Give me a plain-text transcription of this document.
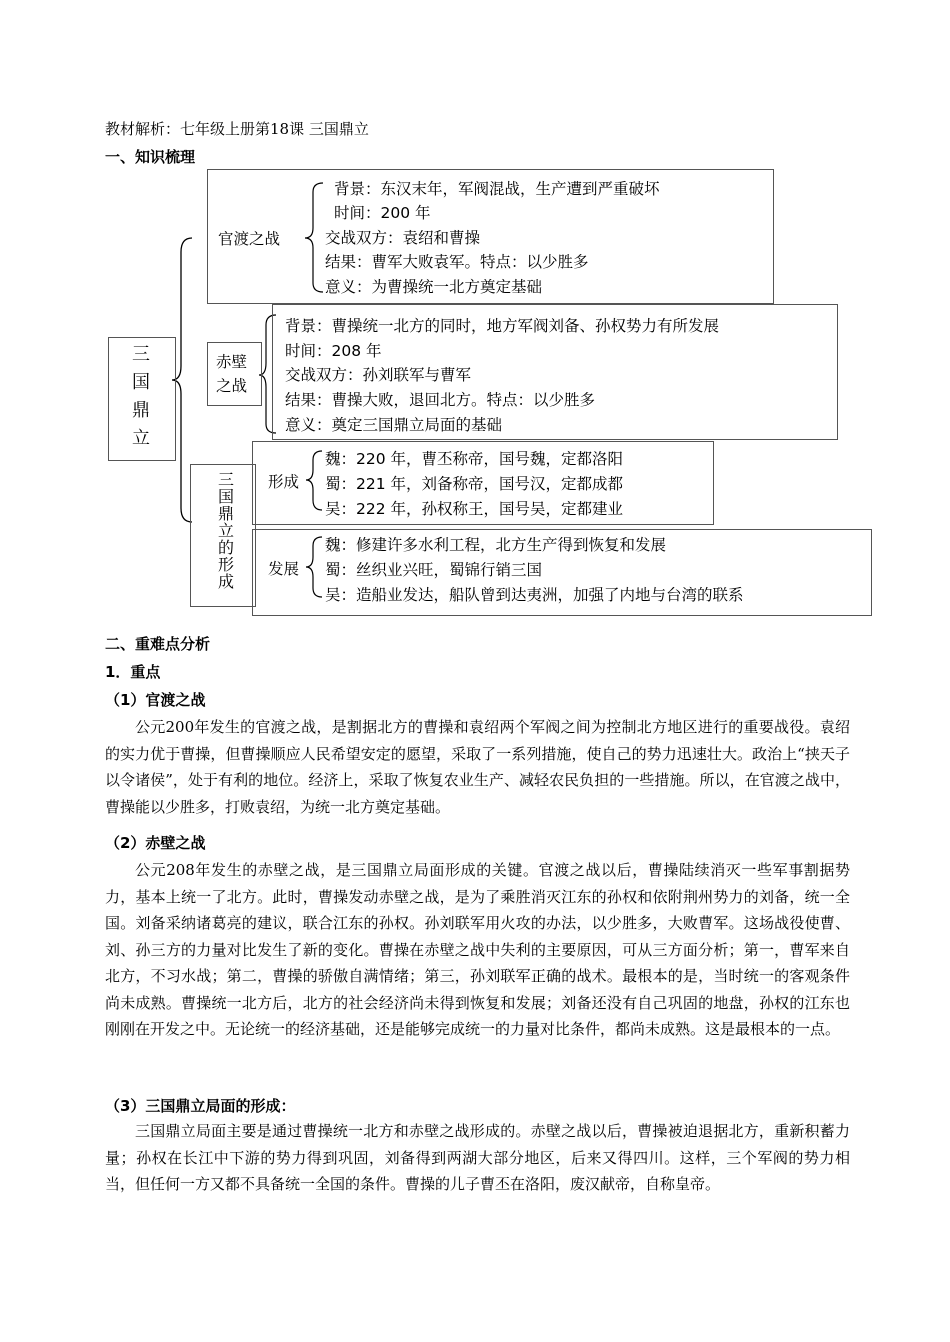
教材解析：七年级上册第18课 三国鼎立
一、知识梳理
三
国
鼎
立
官渡之战
背景：东汉末年，军阀混战，生产遭到严重破坏
时间：200 年
交战双方：袁绍和曹操
结果：曹军大败袁军。特点：以少胜多
意义：为曹操统一北方奠定基础
赤壁
之战
背景：曹操统一北方的同时，地方军阀刘备、孙权势力有所发展
时间：208 年
交战双方：孙刘联军与曹军
结果：曹操大败，退回北方。特点：以少胜多
意义：奠定三国鼎立局面的基础
三
国
鼎
立
的
形
成
形成
魏：220 年，曹丕称帝，国号魏，定都洛阳
蜀：221 年，刘备称帝，国号汉，定都成都
吴：222 年，孙权称王，国号吴，定都建业
发展
魏：修建许多水利工程，北方生产得到恢复和发展
蜀：丝织业兴旺，蜀锦行销三国
吴：造船业发达，船队曾到达夷洲，加强了内地与台湾的联系
二、重难点分析
1．重点
（1）官渡之战

公元200年发生的官渡之战，是割据北方的曹操和袁绍两个军阀之间为控制北方地区进行的重要战役。袁绍的实力优于曹操，但曹操顺应人民希望安定的愿望，采取了一系列措施，使自己的势力迅速壮大。政治上“挟天子以令诸侯”，处于有利的地位。经济上，采取了恢复农业生产、减轻农民负担的一些措施。所以，在官渡之战中，曹操能以少胜多，打败袁绍，为统一北方奠定基础。

（2）赤壁之战

公元208年发生的赤壁之战，是三国鼎立局面形成的关键。官渡之战以后，曹操陆续消灭一些军事割据势力，基本上统一了北方。此时，曹操发动赤壁之战，是为了乘胜消灭江东的孙权和依附荆州势力的刘备，统一全国。刘备采纳诸葛亮的建议，联合江东的孙权。孙刘联军用火攻的办法，以少胜多，大败曹军。这场战役使曹、刘、孙三方的力量对比发生了新的变化。曹操在赤壁之战中失利的主要原因，可从三方面分析；第一，曹军来自北方，不习水战；第二，曹操的骄傲自满情绪；第三，孙刘联军正确的战术。最根本的是，当时统一的客观条件尚未成熟。曹操统一北方后，北方的社会经济尚未得到恢复和发展；刘备还没有自己巩固的地盘，孙权的江东也刚刚在开发之中。无论统一的经济基础，还是能够完成统一的力量对比条件，都尚未成熟。这是最根本的一点。

（3）三国鼎立局面的形成：

三国鼎立局面主要是通过曹操统一北方和赤壁之战形成的。赤壁之战以后，曹操被迫退据北方，重新积蓄力量；孙权在长江中下游的势力得到巩固，刘备得到两湖大部分地区，后来又得四川。这样，三个军阀的势力相当，但任何一方又都不具备统一全国的条件。曹操的儿子曹丕在洛阳，废汉献帝，自称皇帝。
